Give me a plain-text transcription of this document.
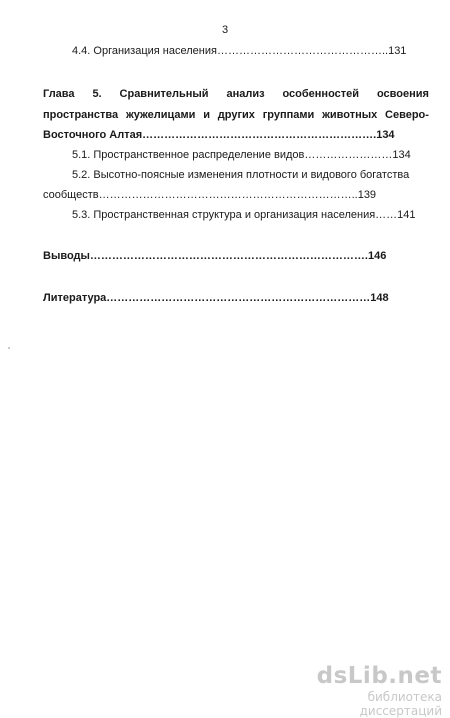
3
4.4. Организация населения………………………………………..131
Глава 5. Сравнительный анализ особенностей освоения
пространства жужелицами и других группами животных Северо-
Восточного Алтая……………………………………………………….134
5.1. Пространственное распределение видов……………………134
5.2. Высотно-поясные изменения плотности и видового богатства
сообществ……………………………………………………………..139
5.3. Пространственная структура и организация населения……141
Выводы………………………………………………………………….146
Литература………………………………………………………………148
dsLib.net
библиотека диссертаций
